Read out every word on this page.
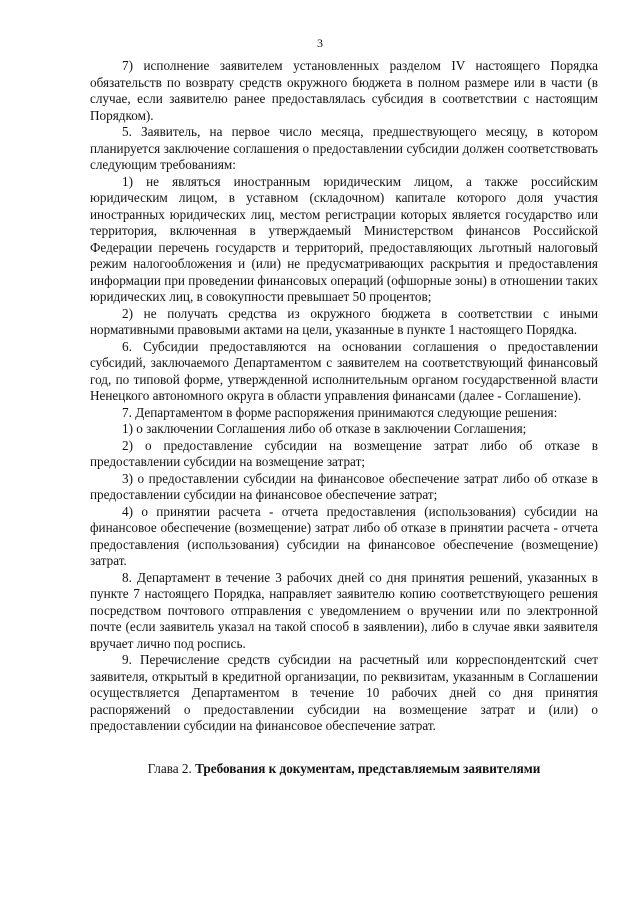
3

7) исполнение заявителем установленных разделом IV настоящего Порядка обязательств по возврату средств окружного бюджета в полном размере или в части (в случае, если заявителю ранее предоставлялась субсидия в соответствии с настоящим Порядком).

5. Заявитель, на первое число месяца, предшествующего месяцу, в котором планируется заключение соглашения о предоставлении субсидии должен соответствовать следующим требованиям:

1) не являться иностранным юридическим лицом, а также российским юридическим лицом, в уставном (складочном) капитале которого доля участия иностранных юридических лиц, местом регистрации которых является государство или территория, включенная в утверждаемый Министерством финансов Российской Федерации перечень государств и территорий, предоставляющих льготный налоговый режим налогообложения и (или) не предусматривающих раскрытия и предоставления информации при проведении финансовых операций (офшорные зоны) в отношении таких юридических лиц, в совокупности превышает 50 процентов;

2) не получать средства из окружного бюджета в соответствии с иными нормативными правовыми актами на цели, указанные в пункте 1 настоящего Порядка.

6. Субсидии предоставляются на основании соглашения о предоставлении субсидий, заключаемого Департаментом с заявителем на соответствующий финансовый год, по типовой форме, утвержденной исполнительным органом государственной власти Ненецкого автономного округа в области управления финансами (далее - Соглашение).

7. Департаментом в форме распоряжения принимаются следующие решения:

1) о заключении Соглашения либо об отказе в заключении Соглашения;

2) о предоставление субсидии на возмещение затрат либо об отказе в предоставлении субсидии на возмещение затрат;

3) о предоставлении субсидии на финансовое обеспечение затрат либо об отказе в предоставлении субсидии на финансовое обеспечение затрат;

4) о принятии расчета - отчета предоставления (использования) субсидии на финансовое обеспечение (возмещение) затрат либо об отказе в принятии расчета - отчета предоставления (использования) субсидии на финансовое обеспечение (возмещение) затрат.

8. Департамент в течение 3 рабочих дней со дня принятия решений, указанных в пункте 7 настоящего Порядка, направляет заявителю копию соответствующего решения посредством почтового отправления с уведомлением о вручении или по электронной почте (если заявитель указал на такой способ в заявлении), либо в случае явки заявителя вручает лично под роспись.

9. Перечисление средств субсидии на расчетный или корреспондентский счет заявителя, открытый в кредитной организации, по реквизитам, указанным в Соглашении осуществляется Департаментом в течение 10 рабочих дней со дня принятия распоряжений о предоставлении субсидии на возмещение затрат и (или) о предоставлении субсидии на финансовое обеспечение затрат.

Глава 2. Требования к документам, представляемым заявителями
